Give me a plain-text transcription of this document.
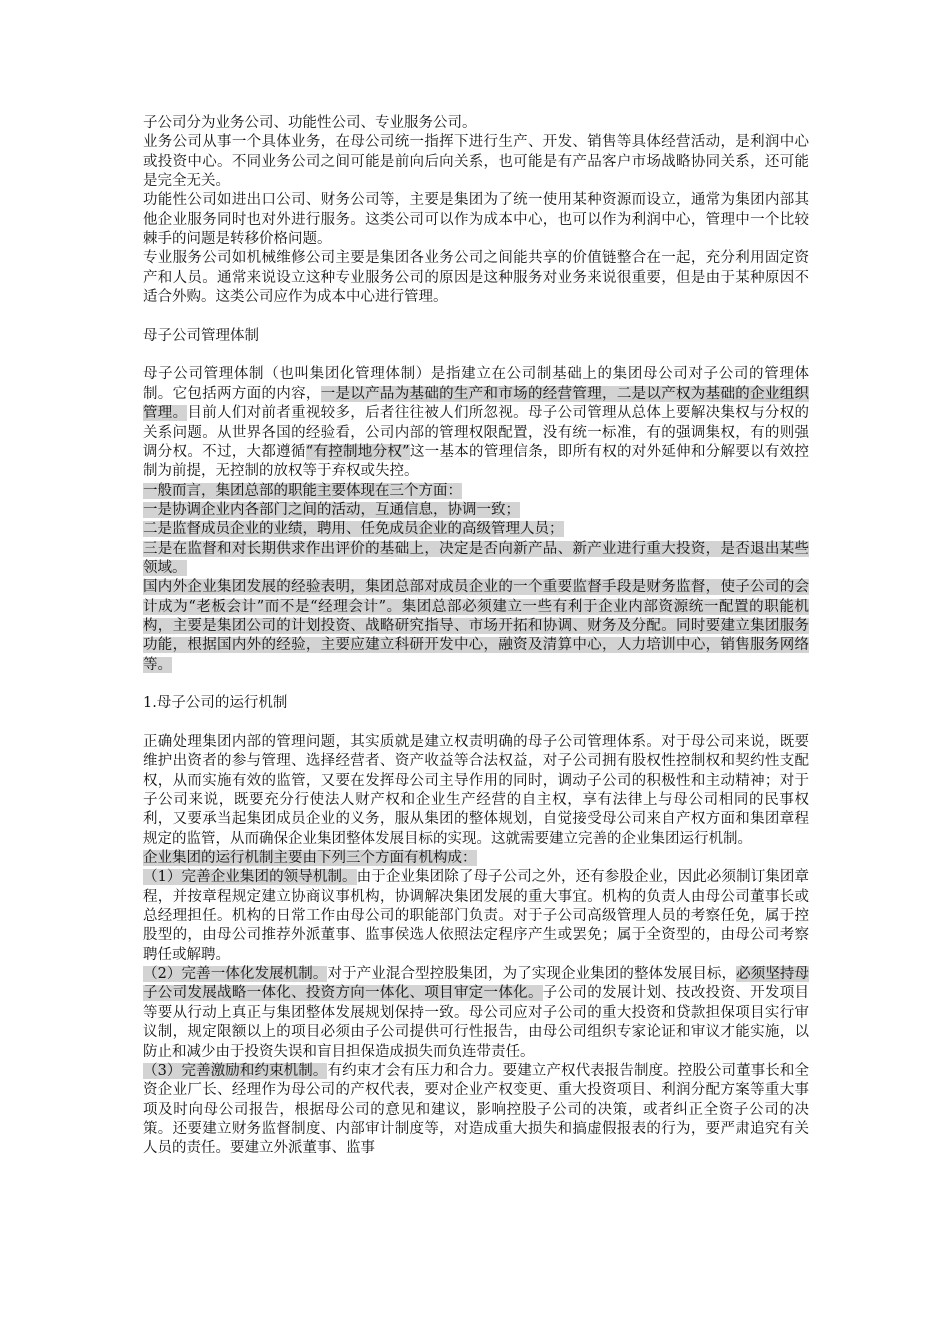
子公司分为业务公司、功能性公司、专业服务公司。

业务公司从事一个具体业务，在母公司统一指挥下进行生产、开发、销售等具体经营活动，是利润中心或投资中心。不同业务公司之间可能是前向后向关系，也可能是有产品客户市场战略协同关系，还可能是完全无关。

功能性公司如进出口公司、财务公司等，主要是集团为了统一使用某种资源而设立，通常为集团内部其他企业服务同时也对外进行服务。这类公司可以作为成本中心，也可以作为利润中心，管理中一个比较棘手的问题是转移价格问题。

专业服务公司如机械维修公司主要是集团各业务公司之间能共享的价值链整合在一起，充分利用固定资产和人员。通常来说设立这种专业服务公司的原因是这种服务对业务来说很重要，但是由于某种原因不适合外购。这类公司应作为成本中心进行管理。

母子公司管理体制

母子公司管理体制（也叫集团化管理体制）是指建立在公司制基础上的集团母公司对子公司的管理体制。它包括两方面的内容，一是以产品为基础的生产和市场的经营管理，二是以产权为基础的企业组织管理。目前人们对前者重视较多，后者往往被人们所忽视。母子公司管理从总体上要解决集权与分权的关系问题。从世界各国的经验看，公司内部的管理权限配置，没有统一标准，有的强调集权，有的则强调分权。不过，大都遵循“有控制地分权”这一基本的管理信条，即所有权的对外延伸和分解要以有效控制为前提，无控制的放权等于弃权或失控。

一般而言，集团总部的职能主要体现在三个方面：

一是协调企业内各部门之间的活动，互通信息，协调一致；

二是监督成员企业的业绩，聘用、任免成员企业的高级管理人员；

三是在监督和对长期供求作出评价的基础上，决定是否向新产品、新产业进行重大投资，是否退出某些领域。

国内外企业集团发展的经验表明，集团总部对成员企业的一个重要监督手段是财务监督，使子公司的会计成为“老板会计”而不是“经理会计”。集团总部必须建立一些有利于企业内部资源统一配置的职能机构，主要是集团公司的计划投资、战略研究指导、市场开拓和协调、财务及分配。同时要建立集团服务功能，根据国内外的经验，主要应建立科研开发中心，融资及清算中心，人力培训中心，销售服务网络等。

1.母子公司的运行机制

正确处理集团内部的管理问题，其实质就是建立权责明确的母子公司管理体系。对于母公司来说，既要维护出资者的参与管理、选择经营者、资产收益等合法权益，对子公司拥有股权性控制权和契约性支配权，从而实施有效的监管，又要在发挥母公司主导作用的同时，调动子公司的积极性和主动精神；对于子公司来说，既要充分行使法人财产权和企业生产经营的自主权，享有法律上与母公司相同的民事权利，又要承当起集团成员企业的义务，服从集团的整体规划，自觉接受母公司来自产权方面和集团章程规定的监管，从而确保企业集团整体发展目标的实现。这就需要建立完善的企业集团运行机制。

企业集团的运行机制主要由下列三个方面有机构成：

（1）完善企业集团的领导机制。由于企业集团除了母子公司之外，还有参股企业，因此必须制订集团章程，并按章程规定建立协商议事机构，协调解决集团发展的重大事宜。机构的负责人由母公司董事长或总经理担任。机构的日常工作由母公司的职能部门负责。对于子公司高级管理人员的考察任免，属于控股型的，由母公司推荐外派董事、监事侯选人依照法定程序产生或罢免；属于全资型的，由母公司考察聘任或解聘。

（2）完善一体化发展机制。对于产业混合型控股集团，为了实现企业集团的整体发展目标，必须坚持母子公司发展战略一体化、投资方向一体化、项目审定一体化。子公司的发展计划、技改投资、开发项目等要从行动上真正与集团整体发展规划保持一致。母公司应对子公司的重大投资和贷款担保项目实行审议制，规定限额以上的项目必须由子公司提供可行性报告，由母公司组织专家论证和审议才能实施，以防止和减少由于投资失误和盲目担保造成损失而负连带责任。

（3）完善激励和约束机制。有约束才会有压力和合力。要建立产权代表报告制度。控股公司董事长和全资企业厂长、经理作为母公司的产权代表，要对企业产权变更、重大投资项目、利润分配方案等重大事项及时向母公司报告，根据母公司的意见和建议，影响控股子公司的决策，或者纠正全资子公司的决策。还要建立财务监督制度、内部审计制度等，对造成重大损失和搞虚假报表的行为，要严肃追究有关人员的责任。要建立外派董事、监事
